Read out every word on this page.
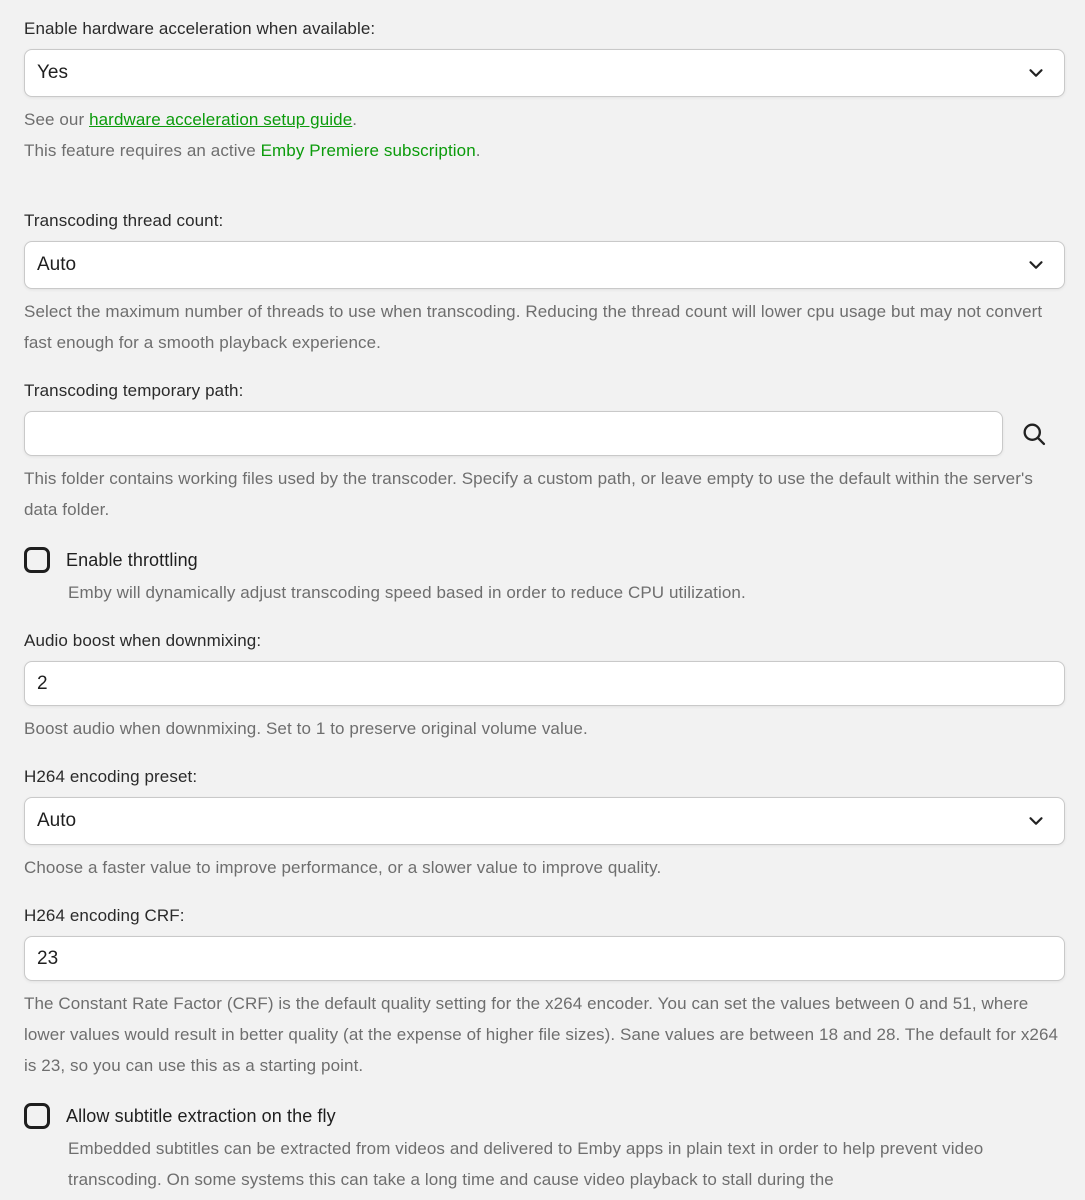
Enable hardware acceleration when available:
Yes
See our hardware acceleration setup guide.
This feature requires an active Emby Premiere subscription.
Transcoding thread count:
Auto
Select the maximum number of threads to use when transcoding. Reducing the thread count will lower cpu usage but may not convert fast enough for a smooth playback experience.
Transcoding temporary path:
This folder contains working files used by the transcoder. Specify a custom path, or leave empty to use the default within the server's data folder.
Enable throttling
Emby will dynamically adjust transcoding speed based in order to reduce CPU utilization.
Audio boost when downmixing:
2
Boost audio when downmixing. Set to 1 to preserve original volume value.
H264 encoding preset:
Auto
Choose a faster value to improve performance, or a slower value to improve quality.
H264 encoding CRF:
23
The Constant Rate Factor (CRF) is the default quality setting for the x264 encoder. You can set the values between 0 and 51, where lower values would result in better quality (at the expense of higher file sizes). Sane values are between 18 and 28. The default for x264 is 23, so you can use this as a starting point.
Allow subtitle extraction on the fly
Embedded subtitles can be extracted from videos and delivered to Emby apps in plain text in order to help prevent video transcoding. On some systems this can take a long time and cause video playback to stall during the
